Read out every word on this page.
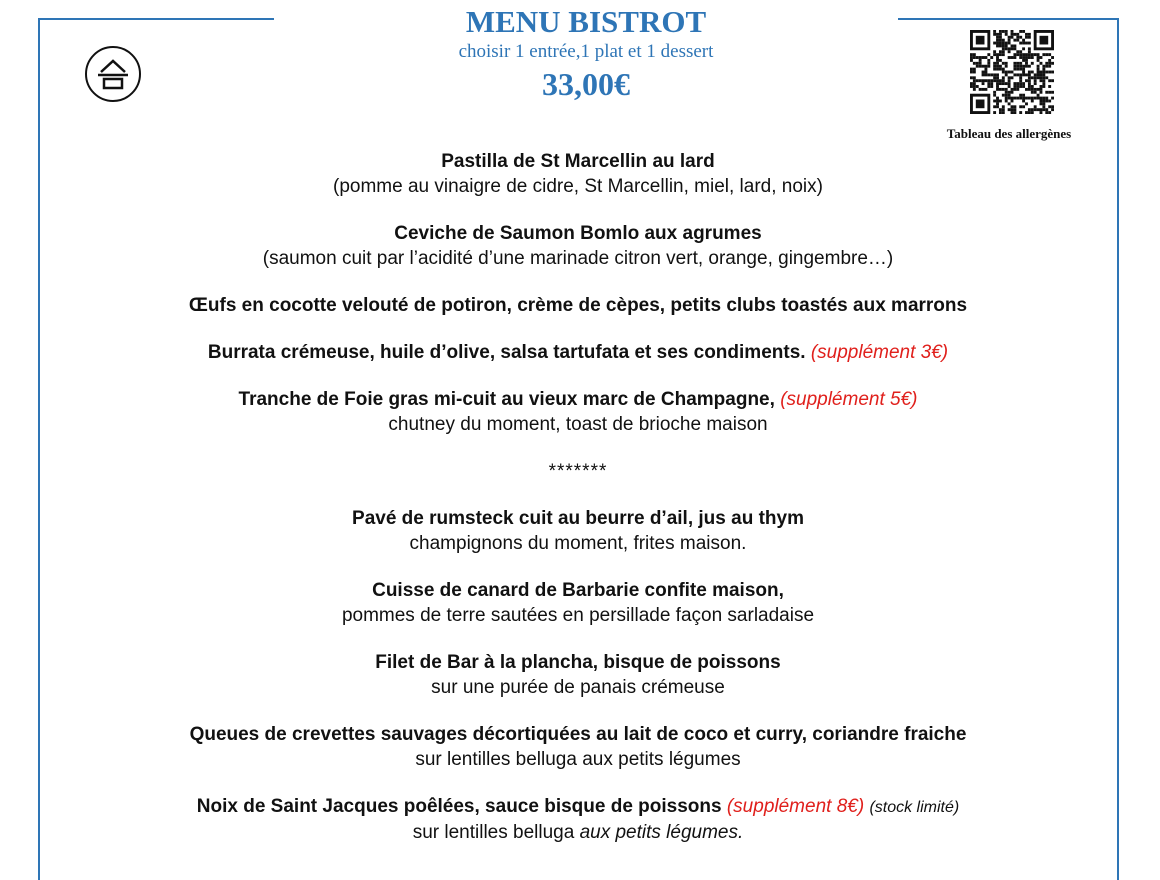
MENU BISTROT
choisir 1 entrée,1 plat et 1 dessert
33,00€
Tableau des allergènes
Pastilla de St Marcellin au lard
(pomme au vinaigre de cidre, St Marcellin, miel, lard, noix)
Ceviche de Saumon Bomlo aux agrumes
(saumon cuit par l’acidité d’une marinade citron vert, orange, gingembre…)
Œufs en cocotte velouté de potiron, crème de cèpes, petits clubs toastés aux marrons
Burrata crémeuse, huile d’olive, salsa tartufata et ses condiments. (supplément 3€)
Tranche de Foie gras mi-cuit au vieux marc de Champagne, (supplément 5€)
chutney du moment, toast de brioche maison
*******
Pavé de rumsteck cuit au beurre d’ail, jus au thym
champignons du moment, frites maison.
Cuisse de canard de Barbarie confite maison,
pommes de terre sautées en persillade façon sarladaise
Filet de Bar à la plancha, bisque de poissons
sur une purée de panais crémeuse
Queues de crevettes sauvages décortiquées au lait de coco et curry, coriandre fraiche
sur lentilles belluga aux petits légumes
Noix de Saint Jacques poêlées, sauce bisque de poissons (supplément 8€) (stock limité)
sur lentilles belluga aux petits légumes.
